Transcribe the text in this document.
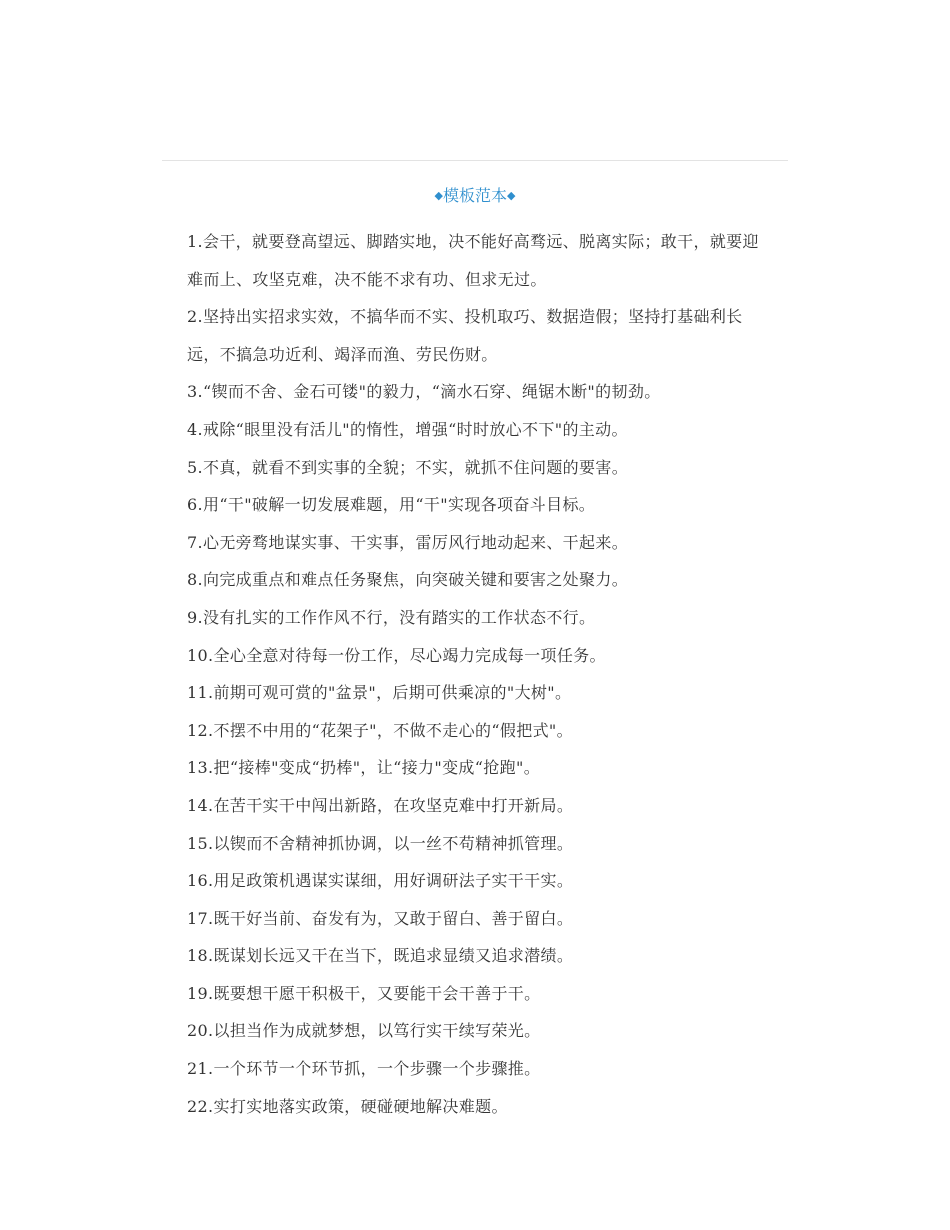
◆模板范本◆
1.会干，就要登高望远、脚踏实地，决不能好高骛远、脱离实际；敢干，就要迎难而上、攻坚克难，决不能不求有功、但求无过。
2.坚持出实招求实效，不搞华而不实、投机取巧、数据造假；坚持打基础利长远，不搞急功近利、竭泽而渔、劳民伤财。
3.“锲而不舍、金石可镂"的毅力，“滴水石穿、绳锯木断"的韧劲。
4.戒除“眼里没有活儿"的惰性，增强“时时放心不下"的主动。
5.不真，就看不到实事的全貌；不实，就抓不住问题的要害。
6.用“干"破解一切发展难题，用“干"实现各项奋斗目标。
7.心无旁骛地谋实事、干实事，雷厉风行地动起来、干起来。
8.向完成重点和难点任务聚焦，向突破关键和要害之处聚力。
9.没有扎实的工作作风不行，没有踏实的工作状态不行。
10.全心全意对待每一份工作，尽心竭力完成每一项任务。
11.前期可观可赏的"盆景"，后期可供乘凉的"大树"。
12.不摆不中用的“花架子"，不做不走心的“假把式"。
13.把“接棒"变成“扔棒"，让“接力"变成“抢跑"。
14.在苦干实干中闯出新路，在攻坚克难中打开新局。
15.以锲而不舍精神抓协调，以一丝不苟精神抓管理。
16.用足政策机遇谋实谋细，用好调研法子实干干实。
17.既干好当前、奋发有为，又敢于留白、善于留白。
18.既谋划长远又干在当下，既追求显绩又追求潜绩。
19.既要想干愿干积极干，又要能干会干善于干。
20.以担当作为成就梦想，以笃行实干续写荣光。
21.一个环节一个环节抓，一个步骤一个步骤推。
22.实打实地落实政策，硬碰硬地解决难题。
